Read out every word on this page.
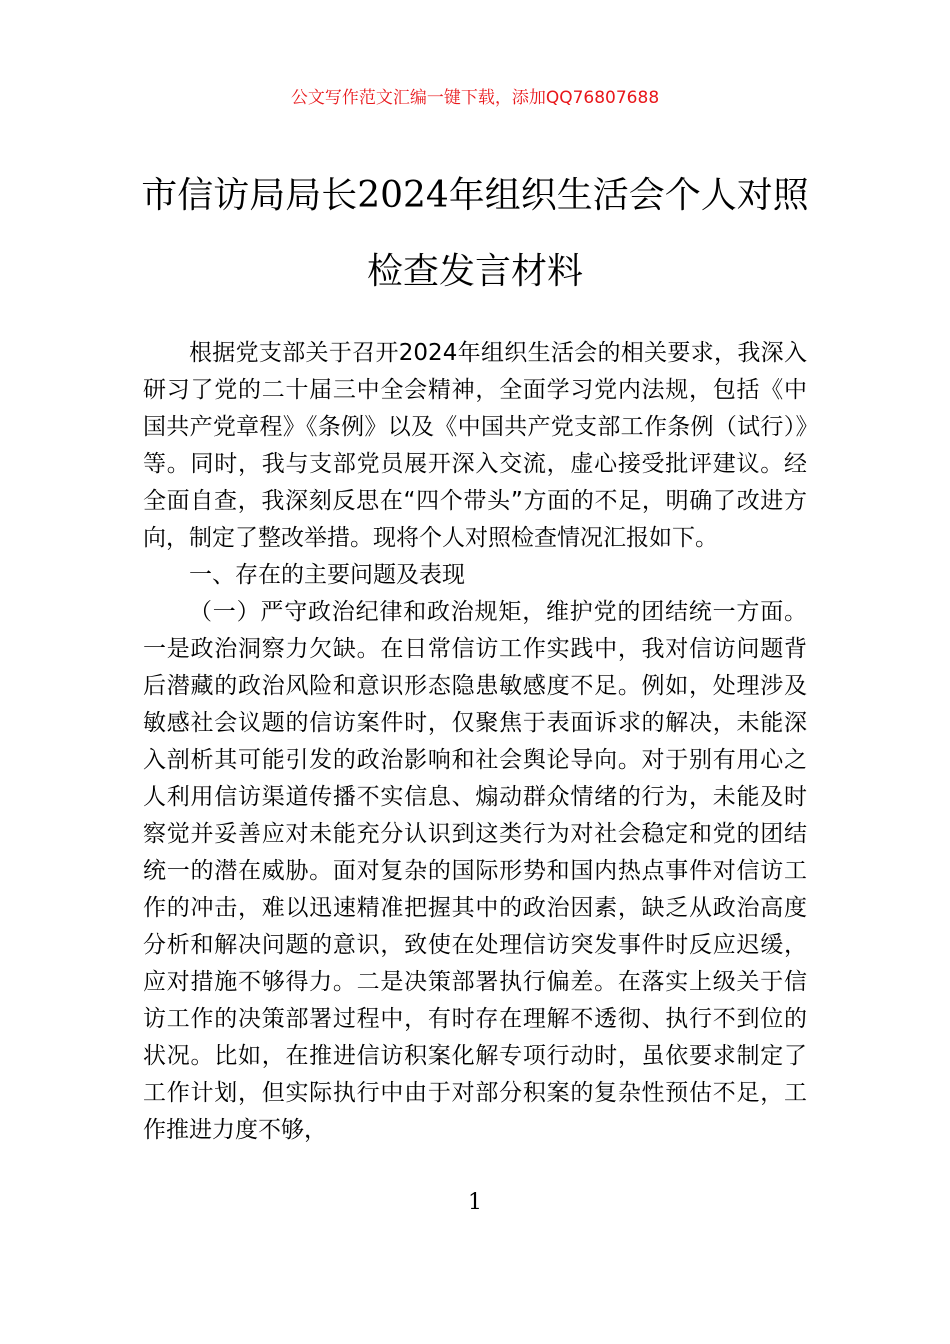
公文写作范文汇编一键下载，添加QQ76807688
市信访局局长2024年组织生活会个人对照检查发言材料

根据党支部关于召开2024年组织生活会的相关要求，我深入研习了党的二十届三中全会精神，全面学习党内法规，包括《中国共产党章程》《条例》以及《中国共产党支部工作条例（试行）》等。同时，我与支部党员展开深入交流，虚心接受批评建议。经全面自查，我深刻反思在“四个带头”方面的不足，明确了改进方向，制定了整改举措。现将个人对照检查情况汇报如下。

一、存在的主要问题及表现

（一）严守政治纪律和政治规矩，维护党的团结统一方面。一是政治洞察力欠缺。在日常信访工作实践中，我对信访问题背后潜藏的政治风险和意识形态隐患敏感度不足。例如，处理涉及敏感社会议题的信访案件时，仅聚焦于表面诉求的解决，未能深入剖析其可能引发的政治影响和社会舆论导向。对于别有用心之人利用信访渠道传播不实信息、煽动群众情绪的行为，未能及时察觉并妥善应对未能充分认识到这类行为对社会稳定和党的团结统一的潜在威胁。面对复杂的国际形势和国内热点事件对信访工作的冲击，难以迅速精准把握其中的政治因素，缺乏从政治高度分析和解决问题的意识，致使在处理信访突发事件时反应迟缓，应对措施不够得力。二是决策部署执行偏差。在落实上级关于信访工作的决策部署过程中，有时存在理解不透彻、执行不到位的状况。比如，在推进信访积案化解专项行动时，虽依要求制定了工作计划，但实际执行中由于对部分积案的复杂性预估不足，工作推进力度不够，

1
